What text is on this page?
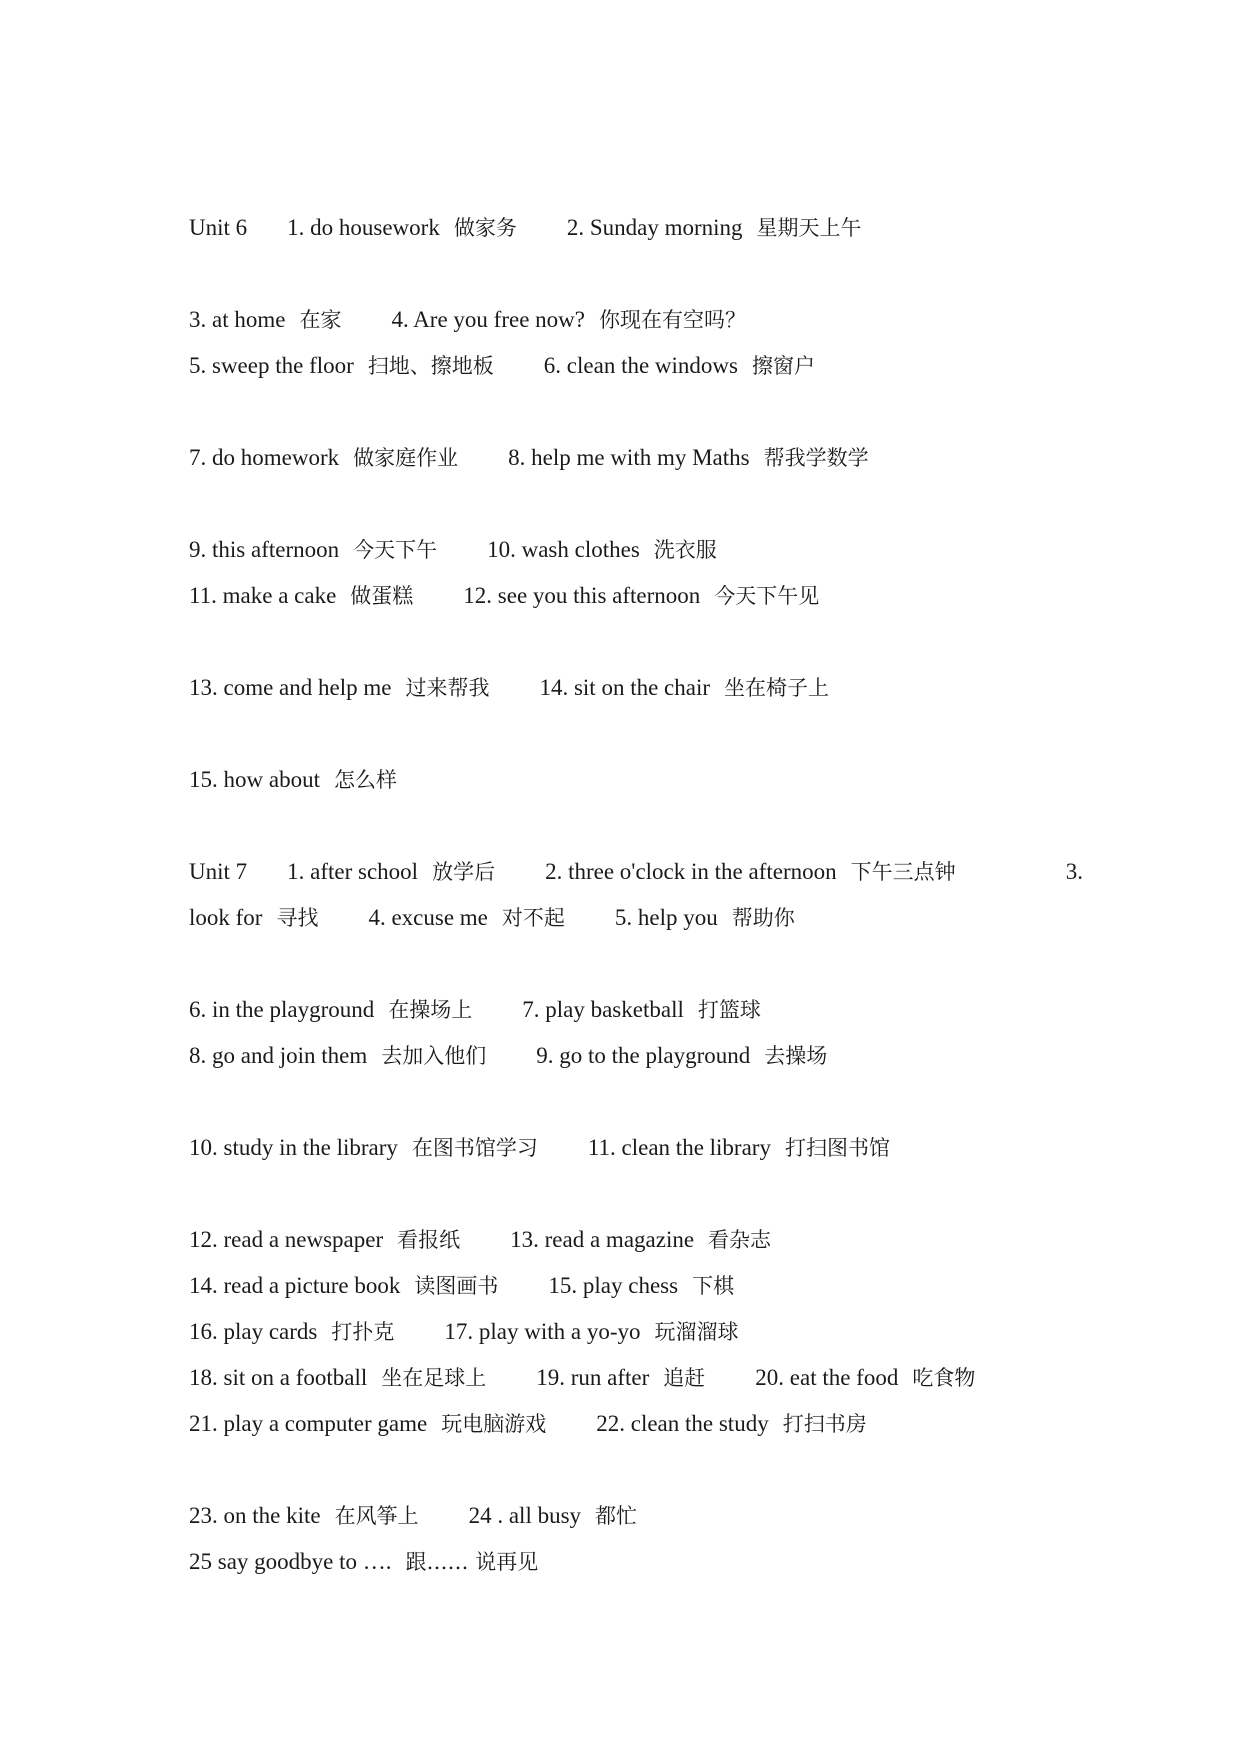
Unit 6 1. do housework 做家务 2. Sunday morning 星期天上午
3. at home 在家 4. Are you free now? 你现在有空吗？
5. sweep the floor 扫地、擦地板 6. clean the windows 擦窗户
7. do homework 做家庭作业 8. help me with my Maths 帮我学数学
9. this afternoon 今天下午 10. wash clothes 洗衣服
11. make a cake 做蛋糕 12. see you this afternoon 今天下午见
13. come and help me 过来帮我 14. sit on the chair 坐在椅子上
15. how about 怎么样
Unit 7 1. after school 放学后 2. three o'clock in the afternoon 下午三点钟	3.
look for 寻找 4. excuse me 对不起 5. help you 帮助你
6. in the playground 在操场上 7. play basketball 打篮球
8. go and join them 去加入他们 9. go to the playground 去操场
10. study in the library 在图书馆学习 11. clean the library 打扫图书馆
12. read a newspaper 看报纸 13. read a magazine 看杂志
14. read a picture book 读图画书 15. play chess 下棋
16. play cards 打扑克 17. play with a yo-yo 玩溜溜球
18. sit on a football 坐在足球上 19. run after 追赶 20. eat the food 吃食物
21. play a computer game 玩电脑游戏 22. clean the study 打扫书房
23. on the kite 在风筝上 24 . all busy 都忙
25 say goodbye to …. 跟…… 说再见
